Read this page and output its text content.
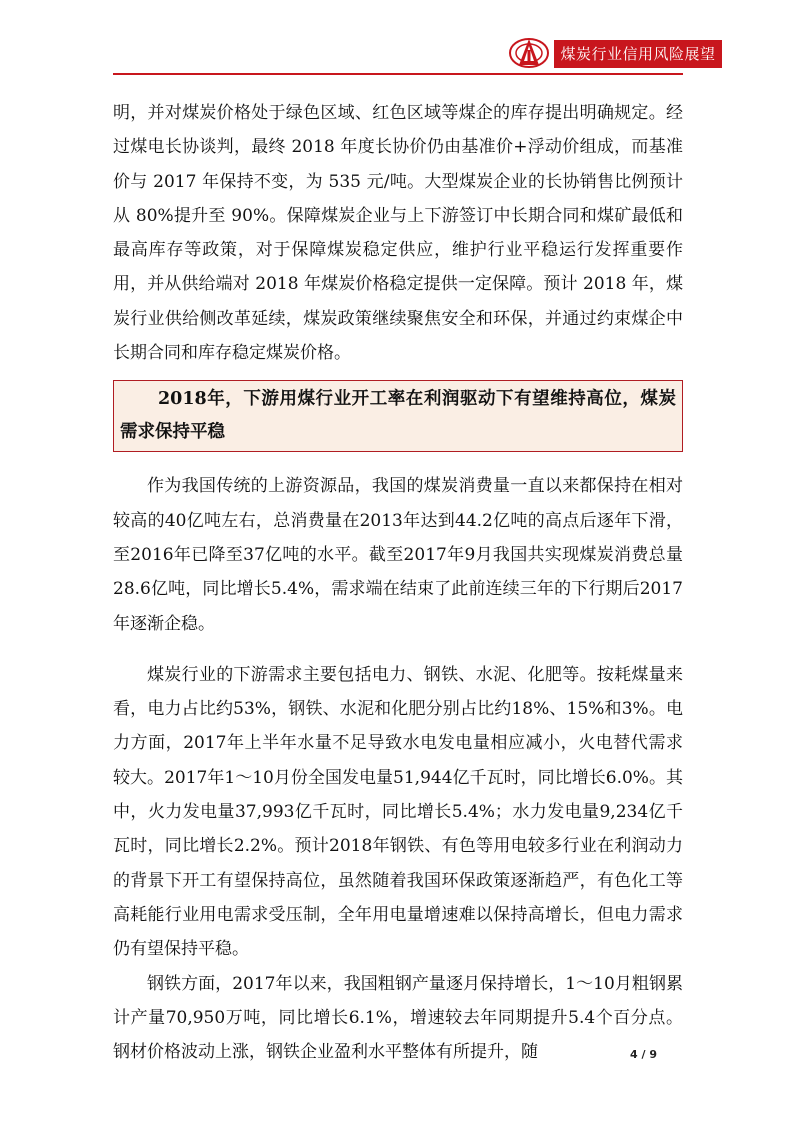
煤炭行业信用风险展望

明，并对煤炭价格处于绿色区域、红色区域等煤企的库存提出明确规定。经过煤电长协谈判，最终 2018 年度长协价仍由基准价+浮动价组成，而基准价与 2017 年保持不变，为 535 元/吨。大型煤炭企业的长协销售比例预计从 80%提升至 90%。保障煤炭企业与上下游签订中长期合同和煤矿最低和最高库存等政策，对于保障煤炭稳定供应，维护行业平稳运行发挥重要作用，并从供给端对 2018 年煤炭价格稳定提供一定保障。预计 2018 年，煤炭行业供给侧改革延续，煤炭政策继续聚焦安全和环保，并通过约束煤企中长期合同和库存稳定煤炭价格。

2018年，下游用煤行业开工率在利润驱动下有望维持高位，煤炭需求保持平稳

作为我国传统的上游资源品，我国的煤炭消费量一直以来都保持在相对较高的40亿吨左右，总消费量在2013年达到44.2亿吨的高点后逐年下滑，至2016年已降至37亿吨的水平。截至2017年9月我国共实现煤炭消费总量28.6亿吨，同比增长5.4%，需求端在结束了此前连续三年的下行期后2017年逐渐企稳。

煤炭行业的下游需求主要包括电力、钢铁、水泥、化肥等。按耗煤量来看，电力占比约53%，钢铁、水泥和化肥分别占比约18%、15%和3%。电力方面，2017年上半年水量不足导致水电发电量相应减小，火电替代需求较大。2017年1～10月份全国发电量51,944亿千瓦时，同比增长6.0%。其中，火力发电量37,993亿千瓦时，同比增长5.4%；水力发电量9,234亿千瓦时，同比增长2.2%。预计2018年钢铁、有色等用电较多行业在利润动力的背景下开工有望保持高位，虽然随着我国环保政策逐渐趋严，有色化工等高耗能行业用电需求受压制，全年用电量增速难以保持高增长，但电力需求仍有望保持平稳。

钢铁方面，2017年以来，我国粗钢产量逐月保持增长，1～10月粗钢累计产量70,950万吨，同比增长6.1%，增速较去年同期提升5.4个百分点。钢材价格波动上涨，钢铁企业盈利水平整体有所提升，随	4 / 9
